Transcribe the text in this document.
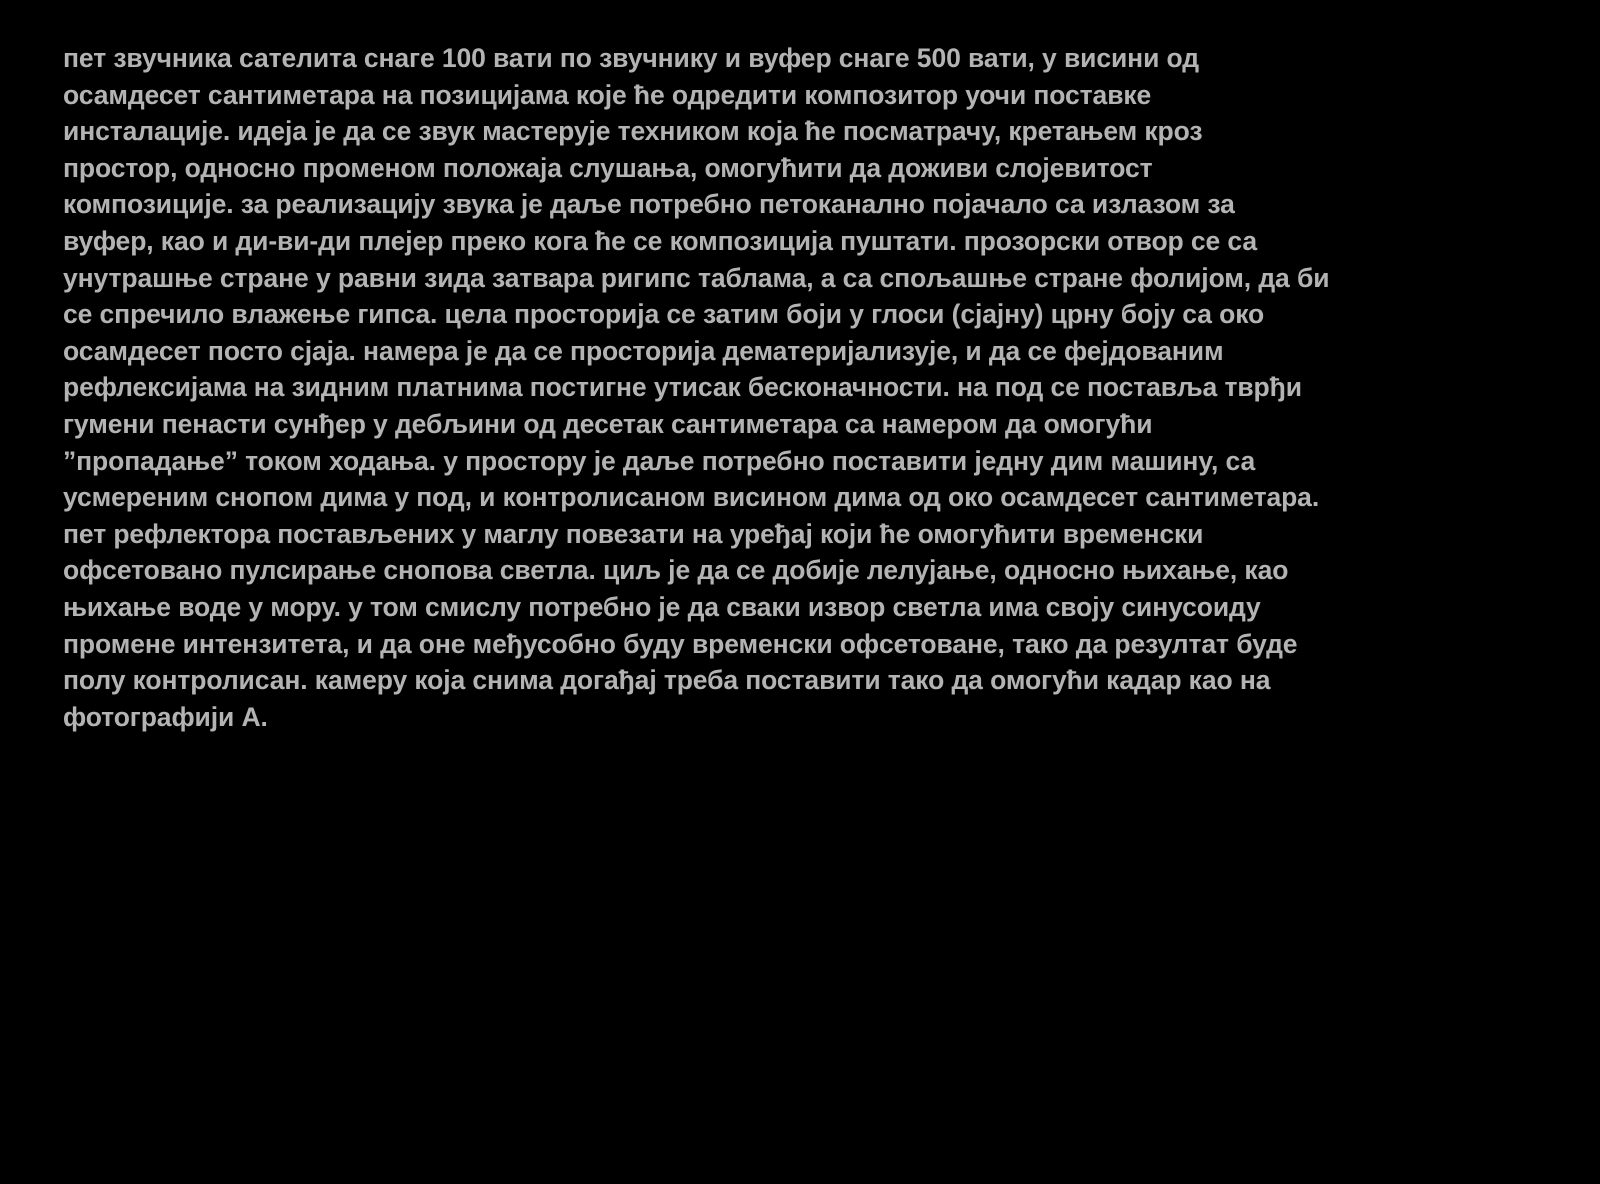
пет звучника сателита снаге 100 вати по звучнику и вуфер снаге 500 вати, у висини од
осамдесет сантиметара на позицијама које ће одредити композитор уочи поставке
инсталације. идеја је да се звук мастерује техником која ће посматрачу, кретањем кроз
простор, односно променом положаја слушања, омогућити да доживи слојевитост
композиције. за реализацију звука је даље потребно петоканално појачало са излазом за
вуфер, као и ди-ви-ди плејер преко кога ће се композиција пуштати. прозорски отвор се са
унутрашње стране у равни зида затвара ригипс таблама, а са спољашње стране фолијом, да би
се спречило влажење гипса. цела просторија се затим боји у глоси (сјајну) црну боју са око
осамдесет посто сјаја. намера је да се просторија дематеријализује, и да се фејдованим
рефлексијама на зидним платнима постигне утисак бесконачности. на под се поставља тврђи
гумени пенасти сунђер у дебљини од десетак сантиметара са намером да омогући
”пропадање” током ходања. у простору је даље потребно поставити једну дим машину, са
усмереним снопом дима у под, и контролисаном висином дима од око осамдесет сантиметара.
пет рефлектора постављених у маглу повезати на уређај који ће омогућити временски
офсетовано пулсирање снопова светла. циљ је да се добије лелујање, односно њихање, као
њихање воде у мору. у том смислу потребно је да сваки извор светла има своју синусоиду
промене интензитета, и да оне међусобно буду временски офсетоване, тако да резултат буде
полу контролисан. камеру која снима догађај треба поставити тако да омогући кадар као на
фотографији А.
